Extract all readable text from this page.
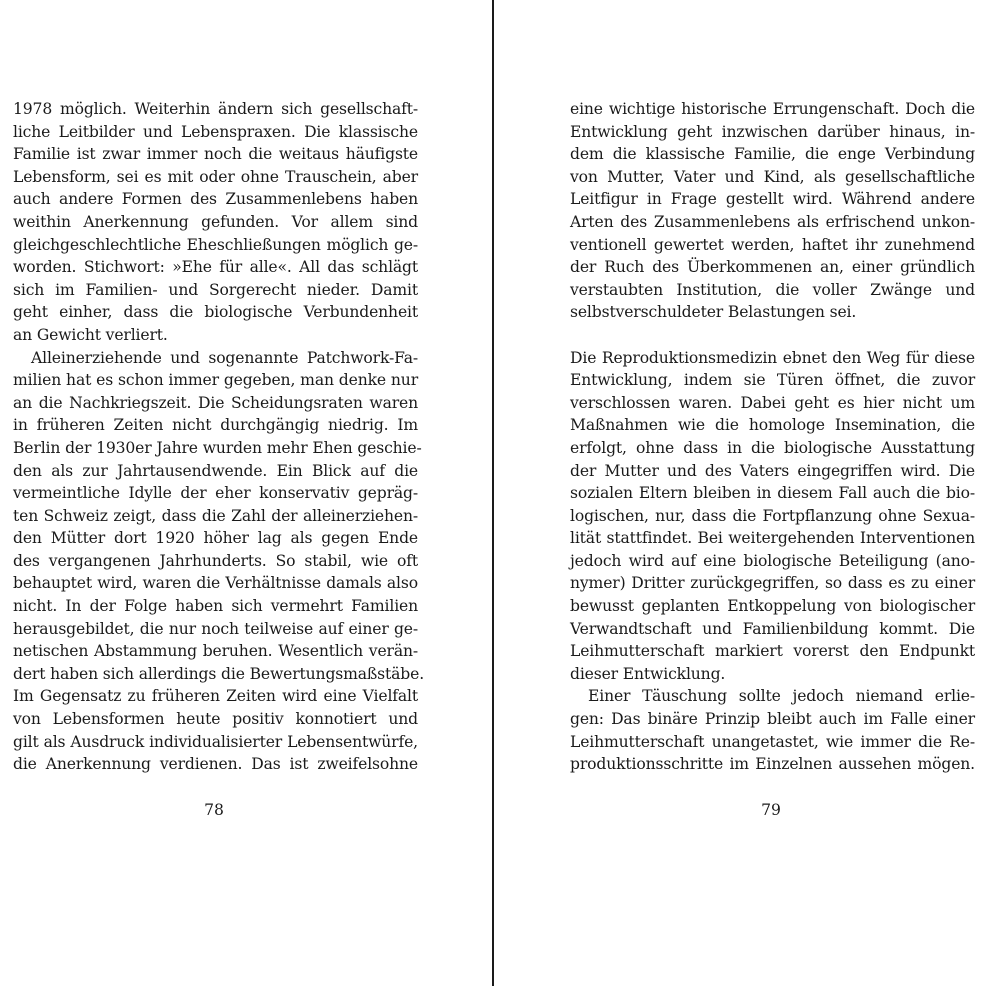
1978 möglich. Weiterhin ändern sich gesellschaft-
liche Leitbilder und Lebenspraxen. Die klassische
Familie ist zwar immer noch die weitaus häufigste
Lebensform, sei es mit oder ohne Trauschein, aber
auch andere Formen des Zusammenlebens haben
weithin Anerkennung gefunden. Vor allem sind
gleichgeschlechtliche Eheschließungen möglich ge-
worden. Stichwort: »Ehe für alle«. All das schlägt
sich im Familien- und Sorgerecht nieder. Damit
geht einher, dass die biologische Verbundenheit
an Gewicht verliert.
Alleinerziehende und sogenannte Patchwork-Fa-
milien hat es schon immer gegeben, man denke nur
an die Nachkriegszeit. Die Scheidungsraten waren
in früheren Zeiten nicht durchgängig niedrig. Im
Berlin der 1930er Jahre wurden mehr Ehen geschie-
den als zur Jahrtausendwende. Ein Blick auf die
vermeintliche Idylle der eher konservativ gepräg-
ten Schweiz zeigt, dass die Zahl der alleinerziehen-
den Mütter dort 1920 höher lag als gegen Ende
des vergangenen Jahrhunderts. So stabil, wie oft
behauptet wird, waren die Verhältnisse damals also
nicht. In der Folge haben sich vermehrt Familien
herausgebildet, die nur noch teilweise auf einer ge-
netischen Abstammung beruhen. Wesentlich verän-
dert haben sich allerdings die Bewertungsmaßstäbe.
Im Gegensatz zu früheren Zeiten wird eine Vielfalt
von Lebensformen heute positiv konnotiert und
gilt als Ausdruck individualisierter Lebensentwürfe,
die Anerkennung verdienen. Das ist zweifelsohne
78
eine wichtige historische Errungenschaft. Doch die
Entwicklung geht inzwischen darüber hinaus, in-
dem die klassische Familie, die enge Verbindung
von Mutter, Vater und Kind, als gesellschaftliche
Leitfigur in Frage gestellt wird. Während andere
Arten des Zusammenlebens als erfrischend unkon-
ventionell gewertet werden, haftet ihr zunehmend
der Ruch des Überkommenen an, einer gründlich
verstaubten Institution, die voller Zwänge und
selbstverschuldeter Belastungen sei.
Die Reproduktionsmedizin ebnet den Weg für diese
Entwicklung, indem sie Türen öffnet, die zuvor
verschlossen waren. Dabei geht es hier nicht um
Maßnahmen wie die homologe Insemination, die
erfolgt, ohne dass in die biologische Ausstattung
der Mutter und des Vaters eingegriffen wird. Die
sozialen Eltern bleiben in diesem Fall auch die bio-
logischen, nur, dass die Fortpflanzung ohne Sexua-
lität stattfindet. Bei weitergehenden Interventionen
jedoch wird auf eine biologische Beteiligung (ano-
nymer) Dritter zurückgegriffen, so dass es zu einer
bewusst geplanten Entkoppelung von biologischer
Verwandtschaft und Familienbildung kommt. Die
Leihmutterschaft markiert vorerst den Endpunkt
dieser Entwicklung.
Einer Täuschung sollte jedoch niemand erlie-
gen: Das binäre Prinzip bleibt auch im Falle einer
Leihmutterschaft unangetastet, wie immer die Re-
produktionsschritte im Einzelnen aussehen mögen.
79
